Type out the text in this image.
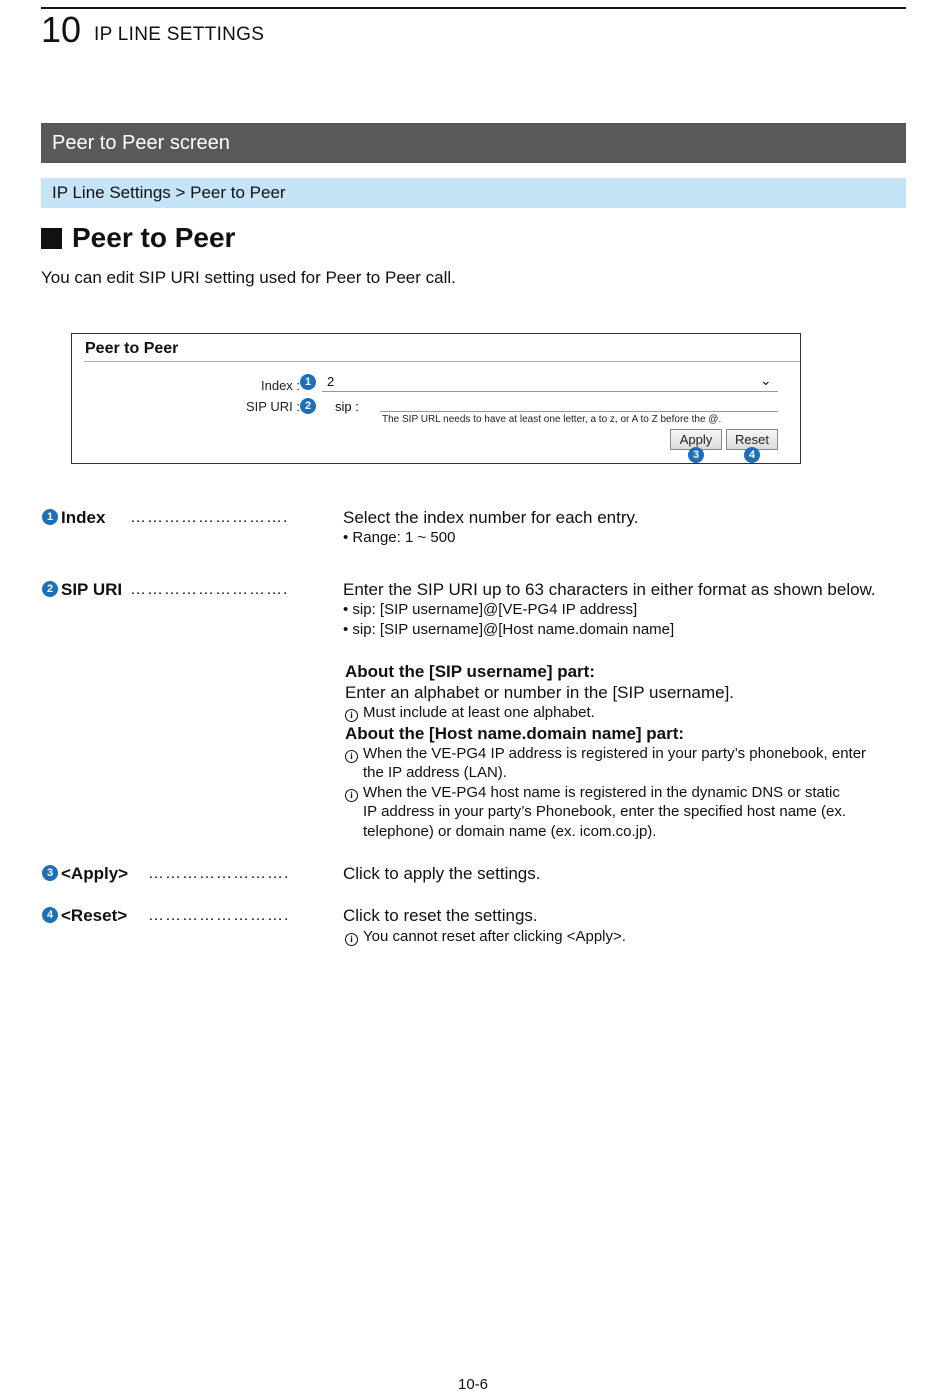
10 IP LINE SETTINGS
Peer to Peer screen
IP Line Settings > Peer to Peer
Peer to Peer
You can edit SIP URI setting used for Peer to Peer call.
Peer to Peer
Index : 1	2	⌄
SIP URI : 2	sip :
The SIP URL needs to have at least one letter, a to z, or A to Z before the @.
Apply	Reset
3	4
1 Index ……………………….	Select the index number for each entry.
• Range: 1 ~ 500
2 SIP URI ……………………….	Enter the SIP URI up to 63 characters in either format as shown below.
• sip: [SIP username]@[VE-PG4 IP address]
• sip: [SIP username]@[Host name.domain name]
About the [SIP username] part:
Enter an alphabet or number in the [SIP username].
i Must include at least one alphabet.
About the [Host name.domain name] part:
i When the VE-PG4 IP address is registered in your party’s phonebook, enter
the IP address (LAN).
i When the VE-PG4 host name is registered in the dynamic DNS or static
IP address in your party’s Phonebook, enter the specified host name (ex.
telephone) or domain name (ex. icom.co.jp).
3 <Apply> …………………….	Click to apply the settings.
4 <Reset> …………………….	Click to reset the settings.
i You cannot reset after clicking <Apply>.
10-6
